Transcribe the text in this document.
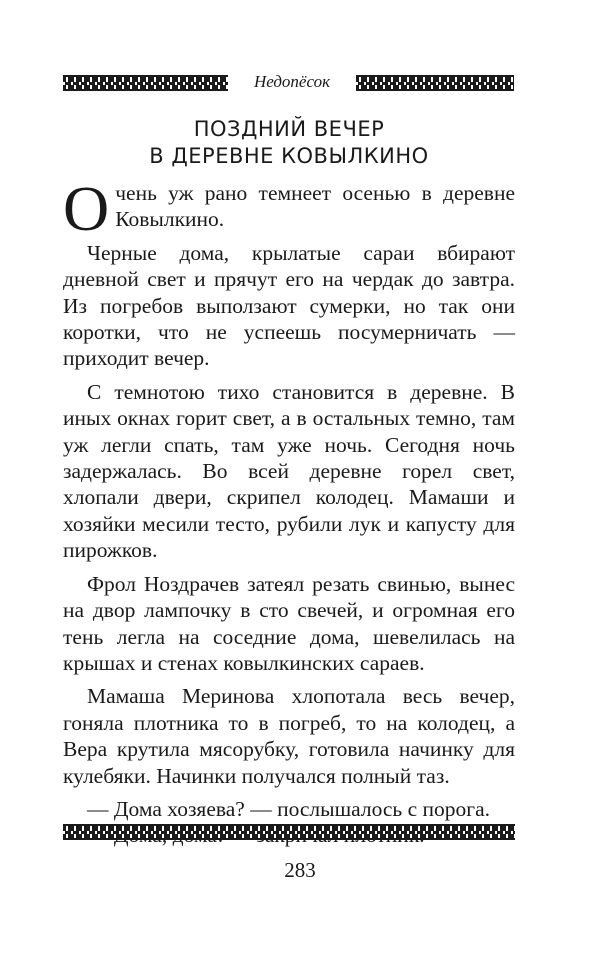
Недопёсок
ПОЗДНИЙ ВЕЧЕР
В ДЕРЕВНЕ КОВЫЛКИНО

Очень уж рано темнеет осенью в деревне Ковылкино.

Черные дома, крылатые сараи вбирают дневной свет и прячут его на чердак до завтра. Из погребов выползают сумерки, но так они коротки, что не успеешь посумерничать — приходит вечер.

С темнотою тихо становится в деревне. В иных окнах горит свет, а в остальных темно, там уж легли спать, там уже ночь. Сегодня ночь задержалась. Во всей деревне горел свет, хлопали двери, скрипел колодец. Мамаши и хозяйки месили тесто, рубили лук и капусту для пирожков.

Фрол Ноздрачев затеял резать свинью, вынес на двор лампочку в сто свечей, и огромная его тень легла на соседние дома, шевелилась на крышах и стенах ковылкинских сараев.

Мамаша Меринова хлопотала весь вечер, гоняла плотника то в погреб, то на колодец, а Вера крутила мясорубку, готовила начинку для кулебяки. Начинки получался полный таз.

— Дома хозяева? — послышалось с порога.

283
